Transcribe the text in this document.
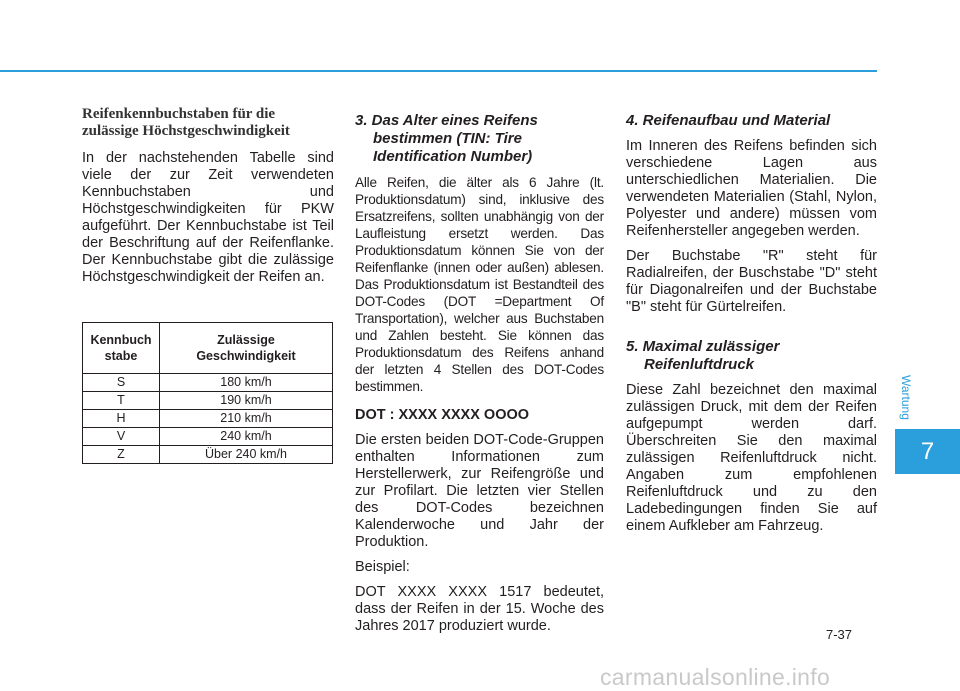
Wartung
7
Reifenkennbuchstaben für die
zulässige Höchstgeschwindigkeit

In der nachstehenden Tabelle sind viele der zur Zeit verwendeten Kennbuchstaben und Höchstgeschwindigkeiten für PKW aufgeführt. Der Kennbuchstabe ist Teil der Beschriftung auf der Reifenflanke. Der Kennbuchstabe gibt die zulässige Höchstgeschwindigkeit der Reifen an.

Kennbuch
stabe	Zulässige
Geschwindigkeit
S	180 km/h
T	190 km/h
H	210 km/h
V	240 km/h
Z	Über 240 km/h
3. Das Alter eines Reifens
bestimmen (TIN: Tire
Identification Number)

Alle Reifen, die älter als 6 Jahre (lt. Produktionsdatum) sind, inklusive des Ersatzreifens, sollten unabhängig von der Laufleistung ersetzt werden. Das Produktionsdatum können Sie von der Reifenflanke (innen oder außen) ablesen. Das Produktionsdatum ist Bestandteil des DOT-Codes (DOT =Department Of Transportation), welcher aus Buchstaben und Zahlen besteht. Sie können das Produktionsdatum des Reifens anhand der letzten 4 Stellen des DOT-Codes bestimmen.

DOT : XXXX XXXX OOOO

Die ersten beiden DOT-Code-Gruppen enthalten Informationen zum Herstellerwerk, zur Reifengröße und zur Profilart. Die letzten vier Stellen des DOT-Codes bezeichnen Kalenderwoche und Jahr der Produktion.

Beispiel:

DOT XXXX XXXX 1517 bedeutet, dass der Reifen in der 15. Woche des Jahres 2017 produziert wurde.

4. Reifenaufbau und Material

Im Inneren des Reifens befinden sich verschiedene Lagen aus unterschiedlichen Materialien. Die verwendeten Materialien (Stahl, Nylon, Polyester und andere) müssen vom Reifenhersteller angegeben werden.

Der Buchstabe "R" steht für Radialreifen, der Buschstabe "D" steht für Diagonalreifen und der Buchstabe "B" steht für Gürtelreifen.

5. Maximal zulässiger
Reifenluftdruck

Diese Zahl bezeichnet den maximal zulässigen Druck, mit dem der Reifen aufgepumpt werden darf. Überschreiten Sie den maximal zulässigen Reifenluftdruck nicht. Angaben zum empfohlenen Reifenluftdruck und zu den Ladebedingungen finden Sie auf einem Aufkleber am Fahrzeug.

7-37
carmanualsonline.info
